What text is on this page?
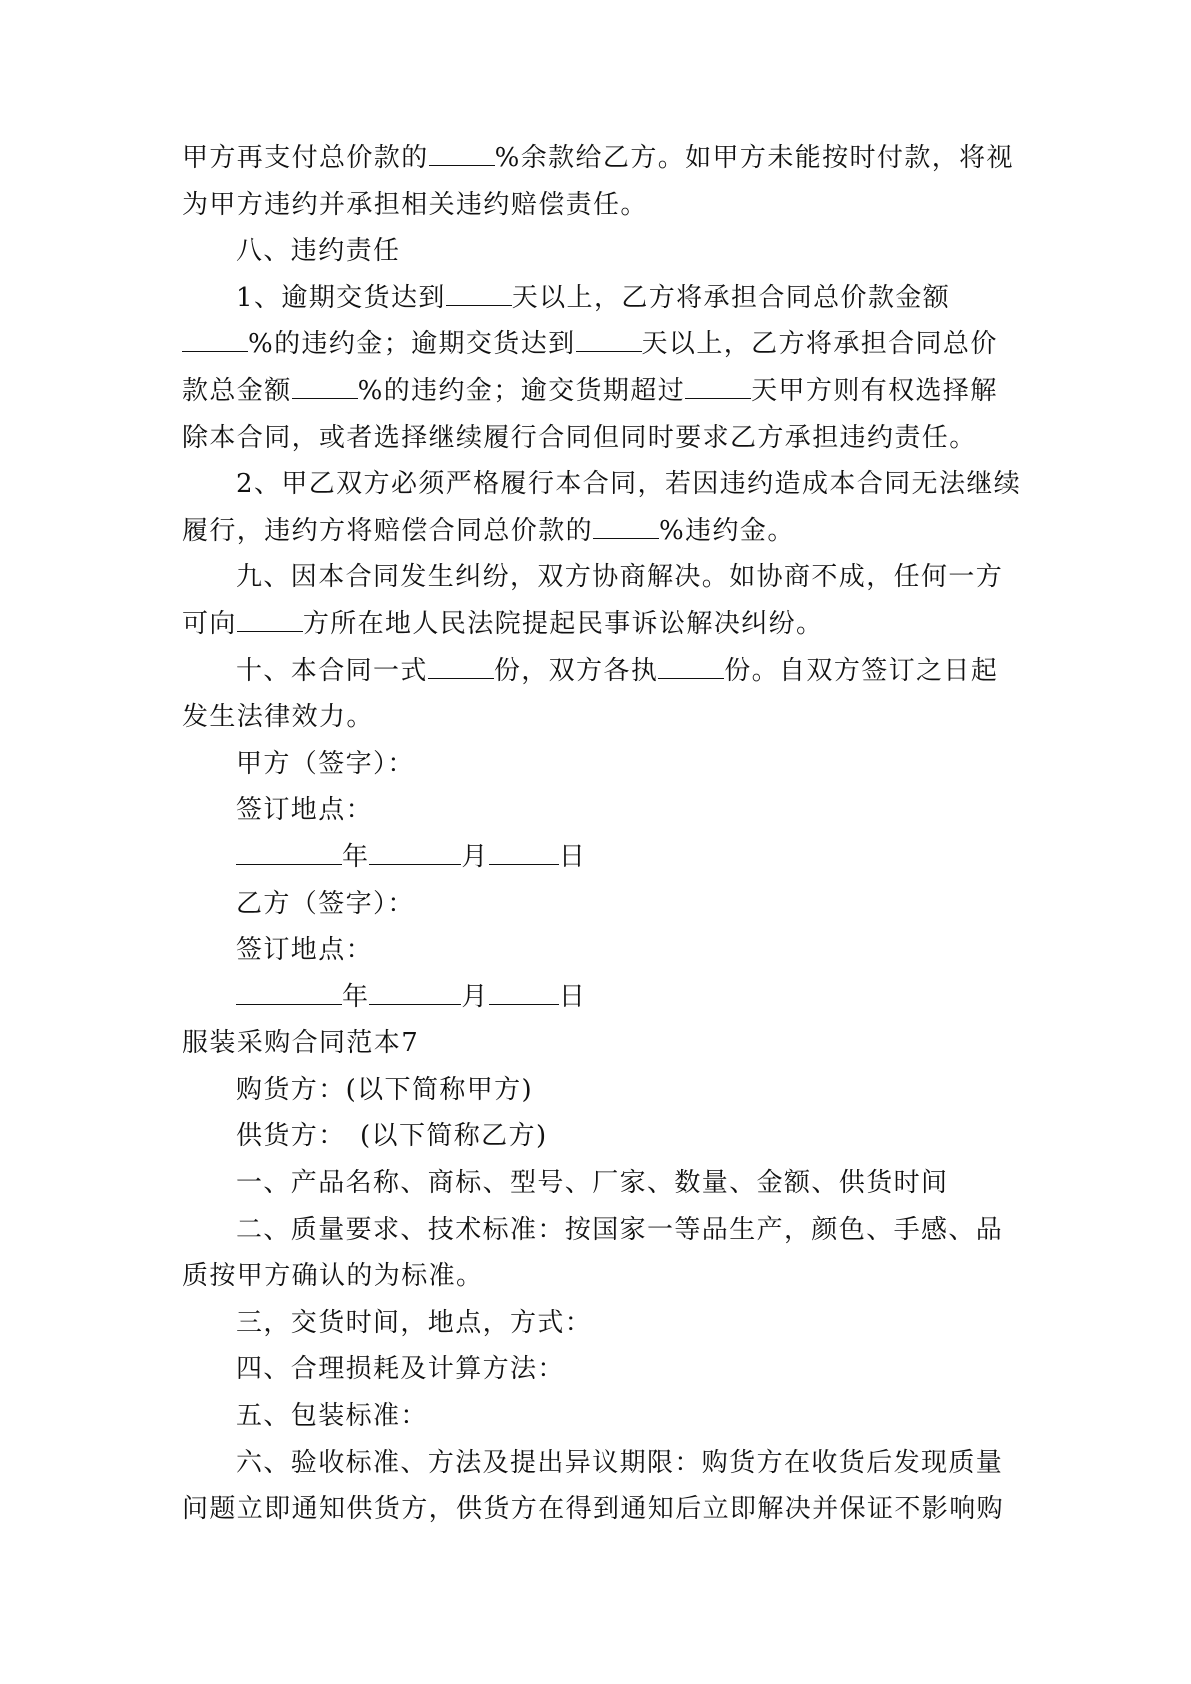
甲方再支付总价款的	%余款给乙方。如甲方未能按时付款，将视
为甲方违约并承担相关违约赔偿责任。
八、违约责任
1、逾期交货达到	天以上，乙方将承担合同总价款金额
%的违约金；逾期交货达到	天以上，乙方将承担合同总价
款总金额	%的违约金；逾交货期超过	天甲方则有权选择解
除本合同，或者选择继续履行合同但同时要求乙方承担违约责任。
2、甲乙双方必须严格履行本合同，若因违约造成本合同无法继续
履行，违约方将赔偿合同总价款的	%违约金。
九、因本合同发生纠纷，双方协商解决。如协商不成，任何一方
可向	方所在地人民法院提起民事诉讼解决纠纷。
十、本合同一式	份，双方各执	份。自双方签订之日起
发生法律效力。
甲方（签字）：
签订地点：
年	月	日
乙方（签字）：
签订地点：
年	月	日
服装采购合同范本7
购货方：(以下简称甲方)
供货方：　(以下简称乙方)
一、产品名称、商标、型号、厂家、数量、金额、供货时间
二、质量要求、技术标准：按国家一等品生产，颜色、手感、品
质按甲方确认的为标准。
三，交货时间，地点，方式：
四、合理损耗及计算方法：
五、包装标准：
六、验收标准、方法及提出异议期限：购货方在收货后发现质量
问题立即通知供货方，供货方在得到通知后立即解决并保证不影响购
